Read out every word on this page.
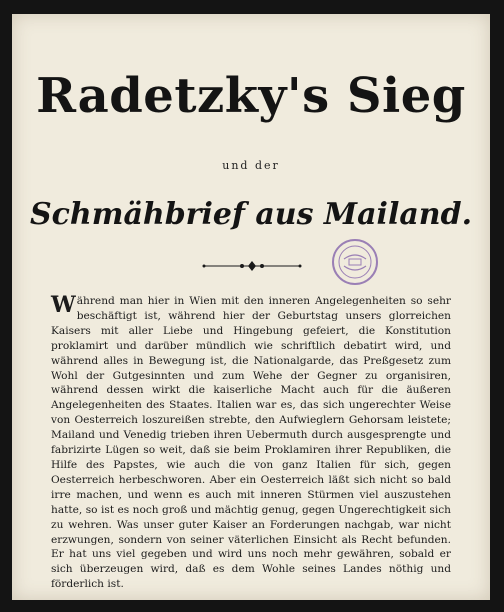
Radetzky's Sieg
und der
Schmähbrief aus Mailand.

Während man hier in Wien mit den inneren Angelegenheiten so sehr beschäftigt ist, während hier der Geburtstag unsers glorreichen Kaisers mit aller Liebe und Hingebung gefeiert, die Konstitution proklamirt und darüber mündlich wie schriftlich debatirt wird, und während alles in Bewegung ist, die Nationalgarde, das Preßgesetz zum Wohl der Gutgesinnten und zum Wehe der Gegner zu organisiren, während dessen wirkt die kaiserliche Macht auch für die äußeren Angelegenheiten des Staates. Italien war es, das sich ungerechter Weise von Oesterreich loszureißen strebte, den Aufwieglern Gehorsam leistete; Mailand und Venedig trieben ihren Uebermuth durch ausgesprengte und fabrizirte Lügen so weit, daß sie beim Proklamiren ihrer Republiken, die Hilfe des Papstes, wie auch die von ganz Italien für sich, gegen Oesterreich herbeschworen. Aber ein Oesterreich läßt sich nicht so bald irre machen, und wenn es auch mit inneren Stürmen viel auszustehen hatte, so ist es noch groß und mächtig genug, gegen Ungerechtigkeit sich zu wehren. Was unser guter Kaiser an Forderungen nachgab, war nicht erzwungen, sondern von seiner väterlichen Einsicht als Recht befunden. Er hat uns viel gegeben und wird uns noch mehr gewähren, sobald er sich überzeugen wird, daß es dem Wohle seines Landes nöthig und förderlich ist.
